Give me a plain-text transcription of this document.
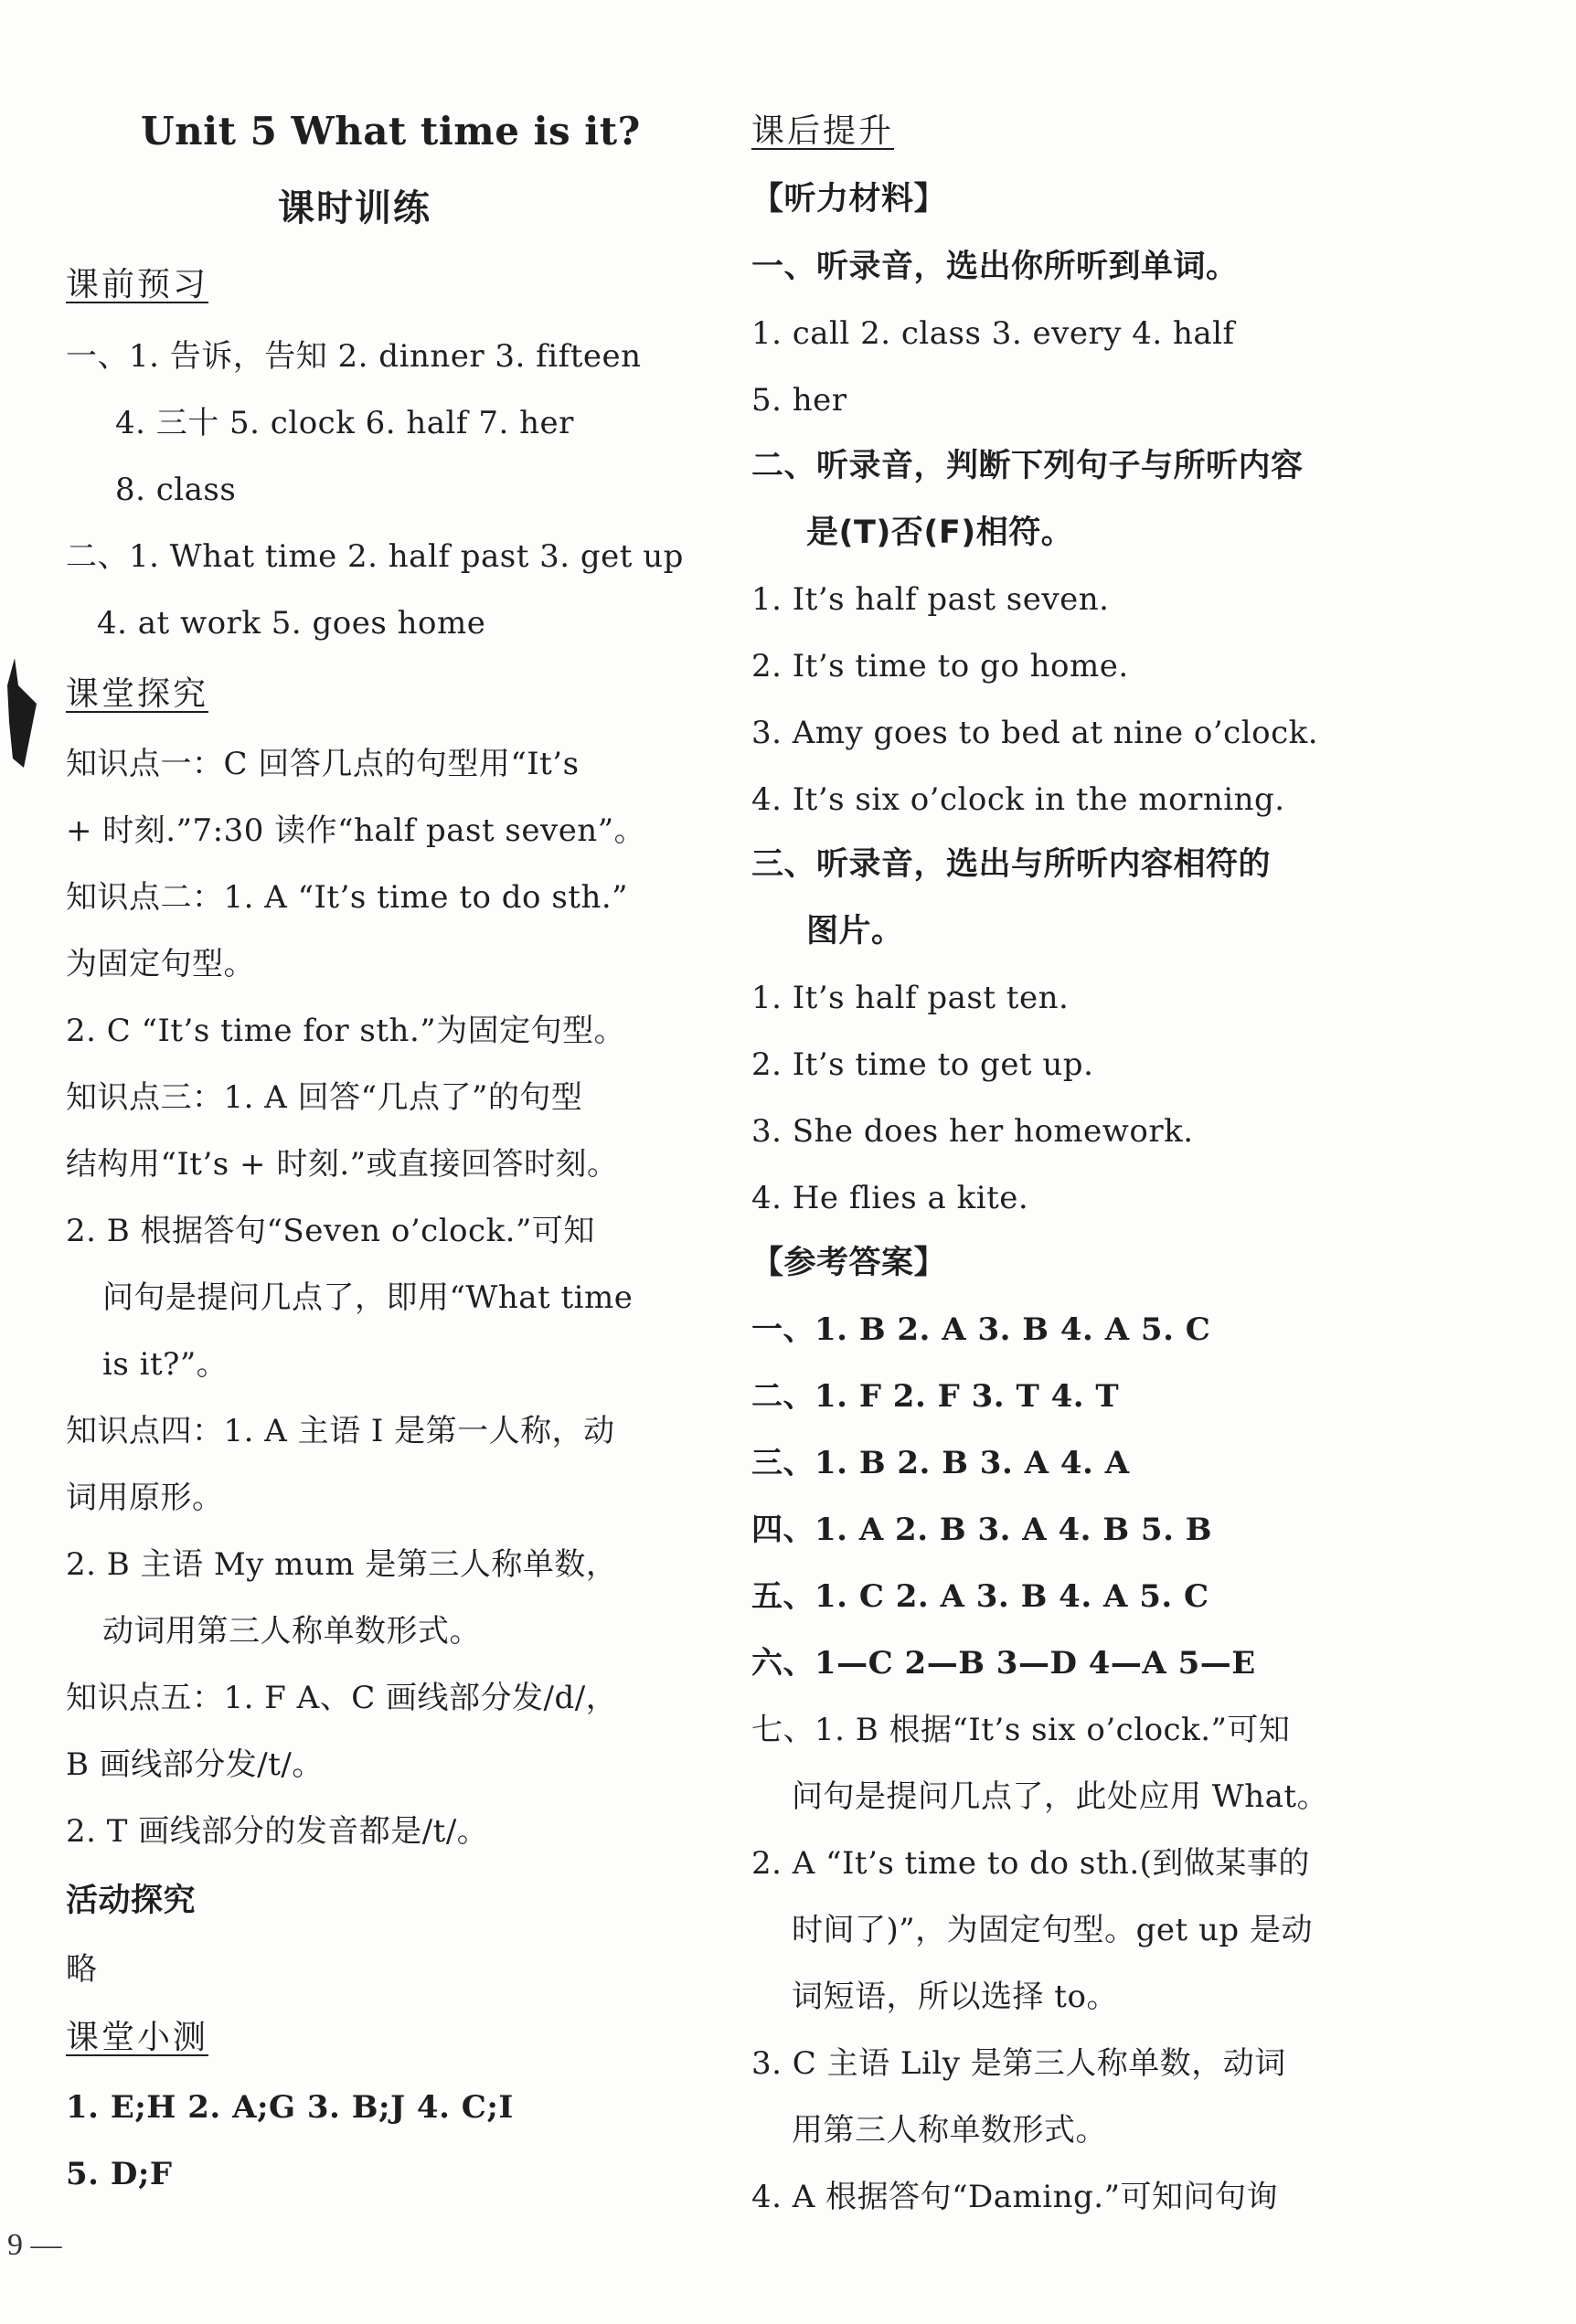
Unit 5 What time is it?
课时训练
课前预习
一、1. 告诉，告知 2. dinner 3. fifteen
4. 三十 5. clock 6. half 7. her
8. class
二、1. What time 2. half past 3. get up
4. at work 5. goes home
课堂探究
知识点一：C 回答几点的句型用“It’s
+ 时刻.”7:30 读作“half past seven”。
知识点二：1. A “It’s time to do sth.”
为固定句型。
2. C “It’s time for sth.”为固定句型。
知识点三：1. A 回答“几点了”的句型
结构用“It’s + 时刻.”或直接回答时刻。
2. B 根据答句“Seven o’clock.”可知
问句是提问几点了，即用“What time
is it?”。
知识点四：1. A 主语 I 是第一人称，动
词用原形。
2. B 主语 My mum 是第三人称单数，
动词用第三人称单数形式。
知识点五：1. F A、C 画线部分发/d/，
B 画线部分发/t/。
2. T 画线部分的发音都是/t/。
活动探究
略
课堂小测
1. E;H 2. A;G 3. B;J 4. C;I
5. D;F
课后提升
【听力材料】
一、听录音，选出你所听到单词。
1. call 2. class 3. every 4. half
5. her
二、听录音，判断下列句子与所听内容
是(T)否(F)相符。
1. It’s half past seven.
2. It’s time to go home.
3. Amy goes to bed at nine o’clock.
4. It’s six o’clock in the morning.
三、听录音，选出与所听内容相符的
图片。
1. It’s half past ten.
2. It’s time to get up.
3. She does her homework.
4. He flies a kite.
【参考答案】
一、1. B 2. A 3. B 4. A 5. C
二、1. F 2. F 3. T 4. T
三、1. B 2. B 3. A 4. A
四、1. A 2. B 3. A 4. B 5. B
五、1. C 2. A 3. B 4. A 5. C
六、1—C 2—B 3—D 4—A 5—E
七、1. B 根据“It’s six o’clock.”可知
问句是提问几点了，此处应用 What。
2. A “It’s time to do sth.(到做某事的
时间了)”，为固定句型。get up 是动
词短语，所以选择 to。
3. C 主语 Lily 是第三人称单数，动词
用第三人称单数形式。
4. A 根据答句“Daming.”可知问句询
9 —
